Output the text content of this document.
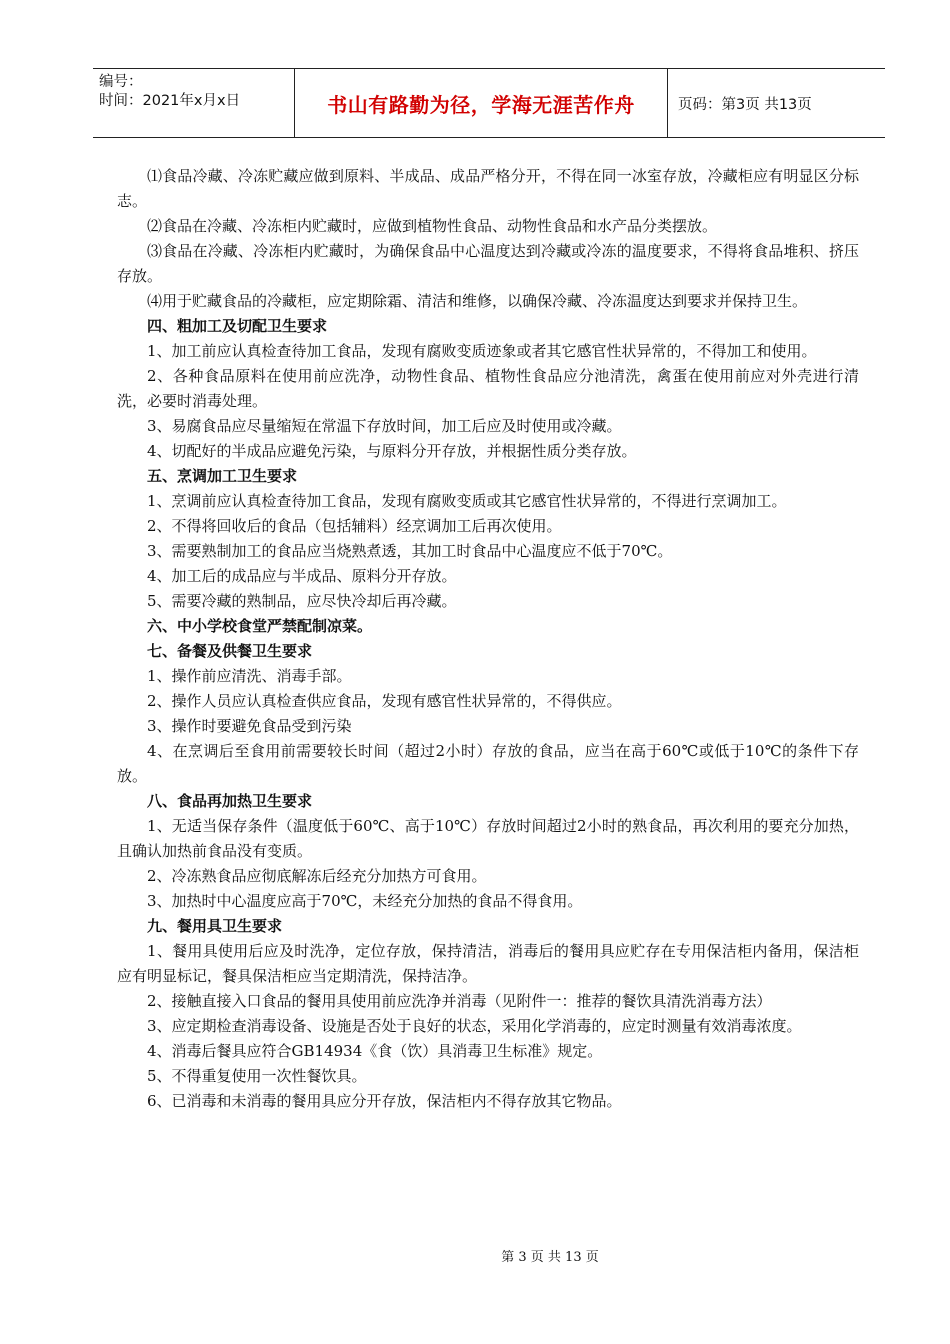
编号：
时间：2021年x月x日	书山有路勤为径，学海无涯苦作舟	页码：第3页 共13页

⑴食品冷藏、冷冻贮藏应做到原料、半成品、成品严格分开，不得在同一冰室存放，冷藏柜应有明显区分标志。

⑵食品在冷藏、冷冻柜内贮藏时，应做到植物性食品、动物性食品和水产品分类摆放。

⑶食品在冷藏、冷冻柜内贮藏时，为确保食品中心温度达到冷藏或冷冻的温度要求，不得将食品堆积、挤压存放。

⑷用于贮藏食品的冷藏柜，应定期除霜、清洁和维修，以确保冷藏、冷冻温度达到要求并保持卫生。

四、粗加工及切配卫生要求

1、加工前应认真检查待加工食品，发现有腐败变质迹象或者其它感官性状异常的，不得加工和使用。

2、各种食品原料在使用前应洗净，动物性食品、植物性食品应分池清洗，禽蛋在使用前应对外壳进行清洗，必要时消毒处理。

3、易腐食品应尽量缩短在常温下存放时间，加工后应及时使用或冷藏。

4、切配好的半成品应避免污染，与原料分开存放，并根据性质分类存放。

五、烹调加工卫生要求

1、烹调前应认真检查待加工食品，发现有腐败变质或其它感官性状异常的，不得进行烹调加工。

2、不得将回收后的食品（包括辅料）经烹调加工后再次使用。

3、需要熟制加工的食品应当烧熟煮透，其加工时食品中心温度应不低于70℃。

4、加工后的成品应与半成品、原料分开存放。

5、需要冷藏的熟制品，应尽快冷却后再冷藏。

六、中小学校食堂严禁配制凉菜。

七、备餐及供餐卫生要求

1、操作前应清洗、消毒手部。

2、操作人员应认真检查供应食品，发现有感官性状异常的，不得供应。

3、操作时要避免食品受到污染

4、在烹调后至食用前需要较长时间（超过2小时）存放的食品，应当在高于60℃或低于10℃的条件下存放。

八、食品再加热卫生要求

1、无适当保存条件（温度低于60℃、高于10℃）存放时间超过2小时的熟食品，再次利用的要充分加热，且确认加热前食品没有变质。

2、冷冻熟食品应彻底解冻后经充分加热方可食用。

3、加热时中心温度应高于70℃，未经充分加热的食品不得食用。

九、餐用具卫生要求

1、餐用具使用后应及时洗净，定位存放，保持清洁，消毒后的餐用具应贮存在专用保洁柜内备用，保洁柜应有明显标记，餐具保洁柜应当定期清洗，保持洁净。

2、接触直接入口食品的餐用具使用前应洗净并消毒（见附件一：推荐的餐饮具清洗消毒方法）

3、应定期检查消毒设备、设施是否处于良好的状态，采用化学消毒的，应定时测量有效消毒浓度。

4、消毒后餐具应符合GB14934《食（饮）具消毒卫生标准》规定。

5、不得重复使用一次性餐饮具。

6、已消毒和未消毒的餐用具应分开存放，保洁柜内不得存放其它物品。

第 3 页 共 13 页
